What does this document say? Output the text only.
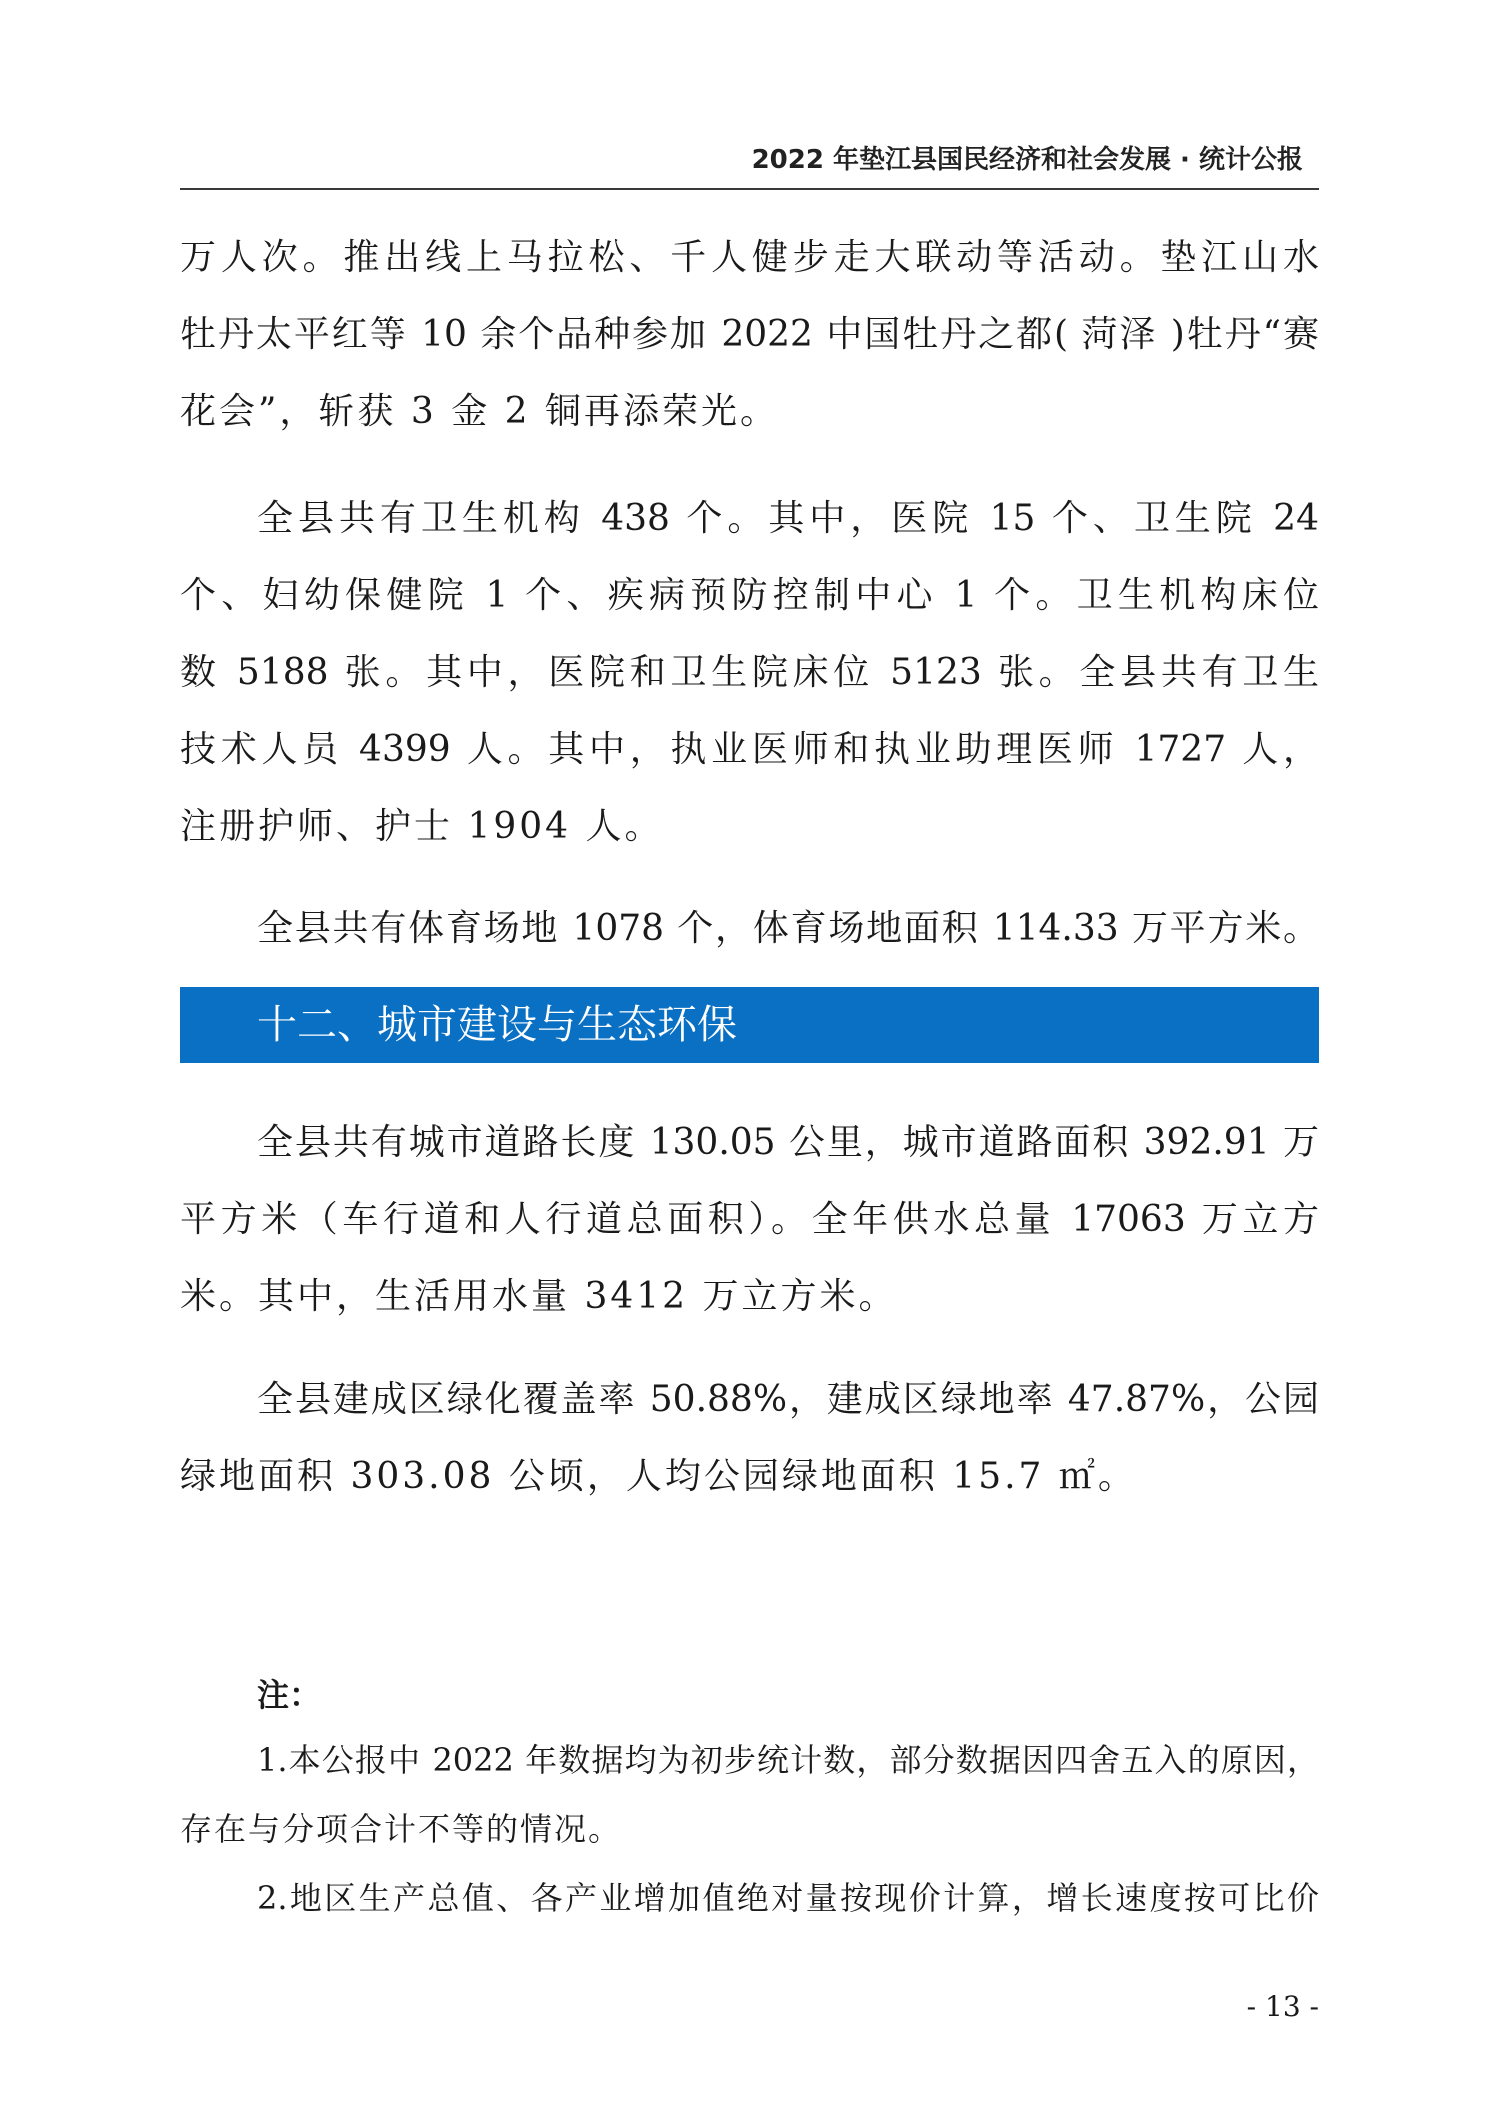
2022 年垫江县国民经济和社会发展 · 统计公报
万人次。推出线上马拉松、千人健步走大联动等活动。垫江山水
牡丹太平红等 10 余个品种参加 2022 中国牡丹之都( 菏泽 )牡丹“赛
花会”，斩获 3 金 2 铜再添荣光。
全县共有卫生机构 438 个。其中，医院 15 个、卫生院 24
个、妇幼保健院 1 个、疾病预防控制中心 1 个。卫生机构床位
数 5188 张。其中，医院和卫生院床位 5123 张。全县共有卫生
技术人员 4399 人。其中，执业医师和执业助理医师 1727 人，
注册护师、护士 1904 人。
全县共有体育场地 1078 个，体育场地面积 114.33 万平方米。
十二、城市建设与生态环保
全县共有城市道路长度 130.05 公里，城市道路面积 392.91 万
平方米（车行道和人行道总面积）。全年供水总量 17063 万立方
米。其中，生活用水量 3412 万立方米。
全县建成区绿化覆盖率 50.88%，建成区绿地率 47.87%，公园
绿地面积 303.08 公顷，人均公园绿地面积 15.7 ㎡。
注：
1.本公报中 2022 年数据均为初步统计数，部分数据因四舍五入的原因，
存在与分项合计不等的情况。
2.地区生产总值、各产业增加值绝对量按现价计算，增长速度按可比价
- 13 -
